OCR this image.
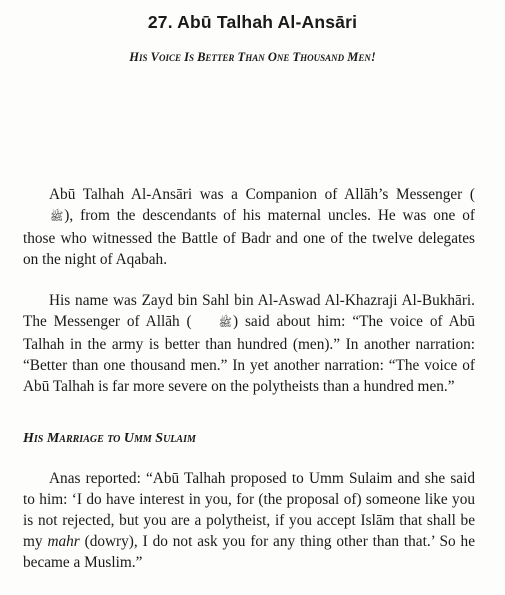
27. Abū Talhah Al-Ansāri
His Voice Is Better Than One Thousand Men!

Abū Talhah Al-Ansāri was a Companion of Allāh’s Messenger (ﷺ), from the descendants of his maternal uncles. He was one of those who witnessed the Battle of Badr and one of the twelve delegates on the night of Aqabah.

His name was Zayd bin Sahl bin Al-Aswad Al-Khazraji Al-Bukhāri. The Messenger of Allāh ( ﷺ) said about him: “The voice of Abū Talhah in the army is better than hundred (men).” In another narration: “Better than one thousand men.” In yet another narration: “The voice of Abū Talhah is far more severe on the polytheists than a hundred men.”

His Marriage to Umm Sulaim

Anas reported: “Abū Talhah proposed to Umm Sulaim and she said to him: ‘I do have interest in you, for (the proposal of) someone like you is not rejected, but you are a polytheist, if you accept Islām that shall be my mahr (dowry), I do not ask you for any thing other than that.’ So he became a Muslim.”
